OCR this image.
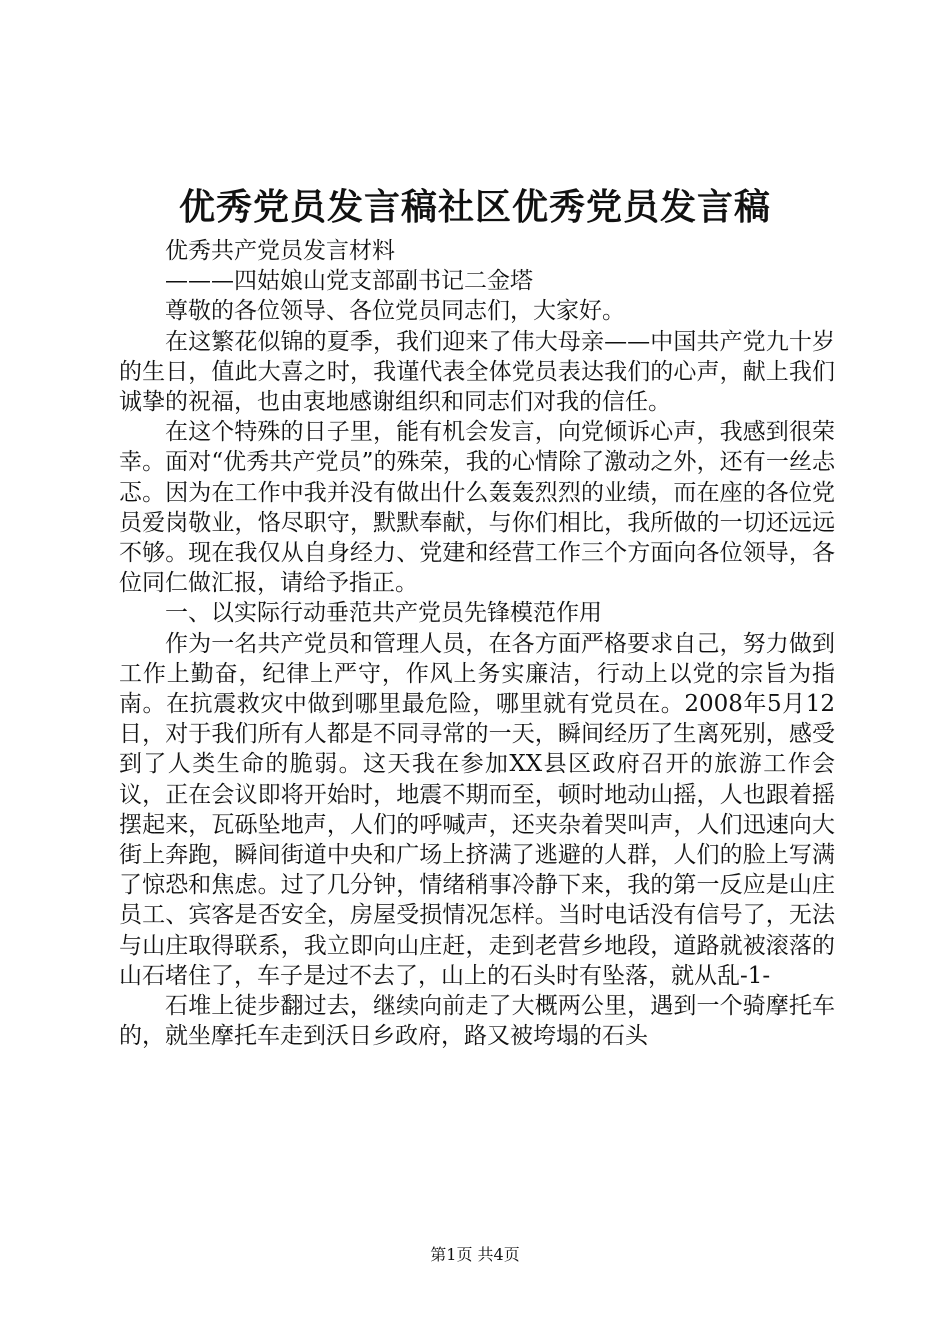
优秀党员发言稿社区优秀党员发言稿

优秀共产党员发言材料

———四姑娘山党支部副书记二金塔

尊敬的各位领导、各位党员同志们，大家好。

在这繁花似锦的夏季，我们迎来了伟大母亲——中国共产党九十岁的生日，值此大喜之时，我谨代表全体党员表达我们的心声，献上我们诚挚的祝福，也由衷地感谢组织和同志们对我的信任。

在这个特殊的日子里，能有机会发言，向党倾诉心声，我感到很荣幸。面对“优秀共产党员”的殊荣，我的心情除了激动之外，还有一丝忐忑。因为在工作中我并没有做出什么轰轰烈烈的业绩，而在座的各位党员爱岗敬业，恪尽职守，默默奉献，与你们相比，我所做的一切还远远不够。现在我仅从自身经力、党建和经营工作三个方面向各位领导，各位同仁做汇报，请给予指正。

一、以实际行动垂范共产党员先锋模范作用

作为一名共产党员和管理人员，在各方面严格要求自己，努力做到工作上勤奋，纪律上严守，作风上务实廉洁，行动上以党的宗旨为指南。在抗震救灾中做到哪里最危险，哪里就有党员在。2008年5月12日，对于我们所有人都是不同寻常的一天，瞬间经历了生离死别，感受到了人类生命的脆弱。这天我在参加XX县区政府召开的旅游工作会议，正在会议即将开始时，地震不期而至，顿时地动山摇，人也跟着摇摆起来，瓦砾坠地声，人们的呼喊声，还夹杂着哭叫声，人们迅速向大街上奔跑，瞬间街道中央和广场上挤满了逃避的人群，人们的脸上写满了惊恐和焦虑。过了几分钟，情绪稍事冷静下来，我的第一反应是山庄员工、宾客是否安全，房屋受损情况怎样。当时电话没有信号了，无法与山庄取得联系，我立即向山庄赶，走到老营乡地段，道路就被滚落的山石堵住了，车子是过不去了，山上的石头时有坠落，就从乱-1-

石堆上徒步翻过去，继续向前走了大概两公里，遇到一个骑摩托车的，就坐摩托车走到沃日乡政府，路又被垮塌的石头

第1页 共4页
